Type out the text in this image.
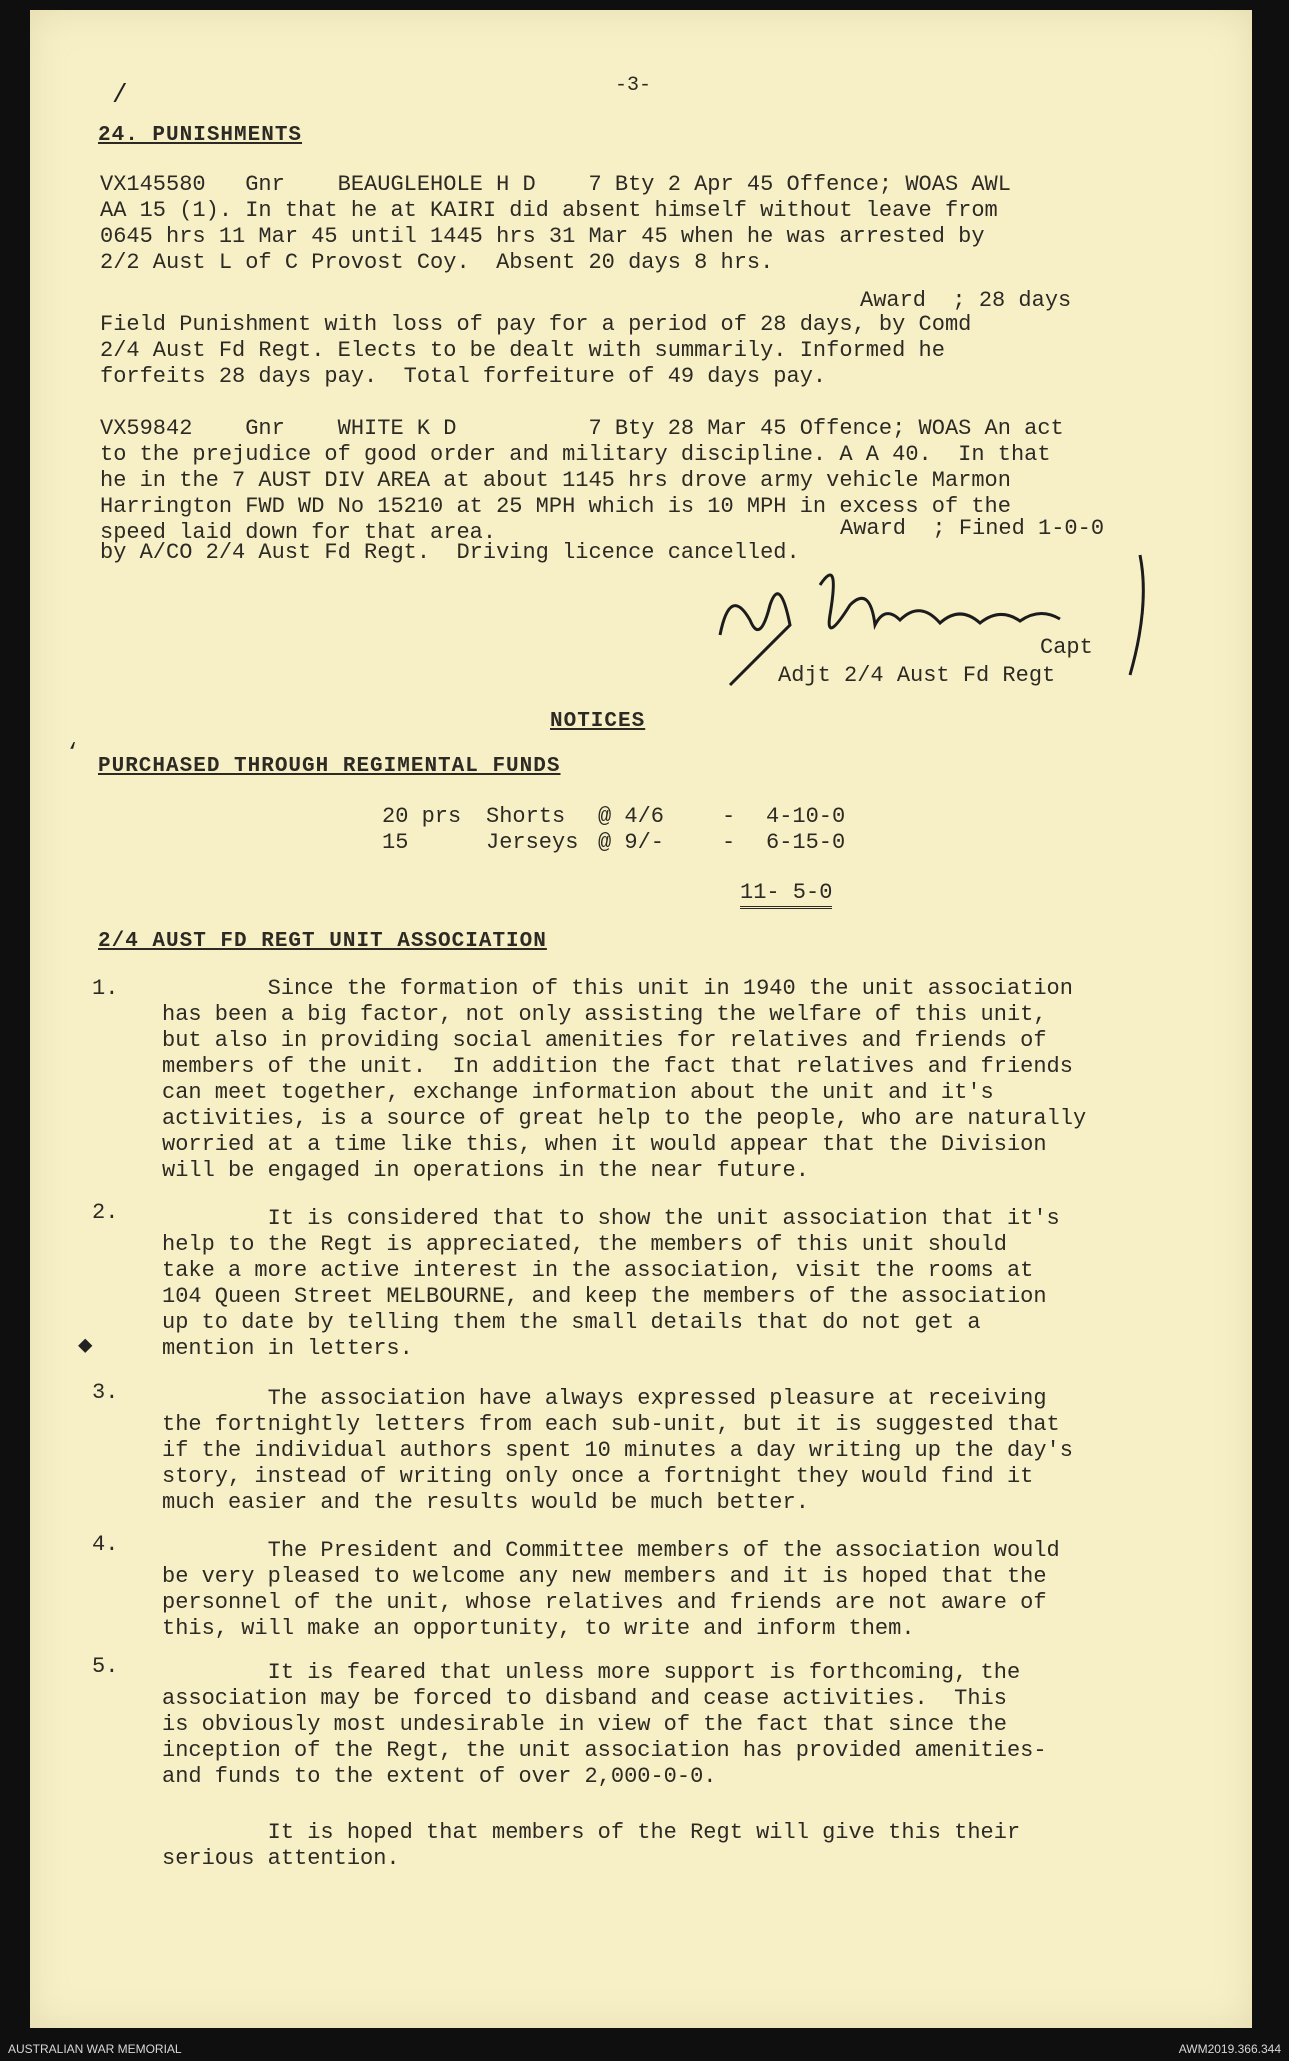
-3-
/
‘
◆
24. PUNISHMENTS
VX145580   Gnr    BEAUGLEHOLE H D    7 Bty 2 Apr 45 Offence; WOAS AWL
AA 15 (1). In that he at KAIRI did absent himself without leave from
0645 hrs 11 Mar 45 until 1445 hrs 31 Mar 45 when he was arrested by
2/2 Aust L of C Provost Coy.  Absent 20 days 8 hrs.
Award  ; 28 days
Field Punishment with loss of pay for a period of 28 days, by Comd
2/4 Aust Fd Regt. Elects to be dealt with summarily. Informed he
forfeits 28 days pay.  Total forfeiture of 49 days pay.
VX59842    Gnr    WHITE K D          7 Bty 28 Mar 45 Offence; WOAS An act
to the prejudice of good order and military discipline. A A 40.  In that
he in the 7 AUST DIV AREA at about 1145 hrs drove army vehicle Marmon
Harrington FWD WD No 15210 at 25 MPH which is 10 MPH in excess of the
speed laid down for that area.	Award  ; Fined 1-0-0
by A/CO 2/4 Aust Fd Regt.  Driving licence cancelled.
Capt
Adjt 2/4 Aust Fd Regt
NOTICES
PURCHASED THROUGH REGIMENTAL FUNDS
20 prs	Shorts	@ 4/6	-	4-10-0
15	Jerseys @ 9/-	-	6-15-0
11- 5-0
2/4 AUST FD REGT UNIT ASSOCIATION
1. Since the formation of this unit in 1940 the unit association
has been a big factor, not only assisting the welfare of this unit,
but also in providing social amenities for relatives and friends of
members of the unit.  In addition the fact that relatives and friends
can meet together, exchange information about the unit and it's
activities, is a source of great help to the people, who are naturally
worried at a time like this, when it would appear that the Division
will be engaged in operations in the near future.
2. It is considered that to show the unit association that it's
help to the Regt is appreciated, the members of this unit should
take a more active interest in the association, visit the rooms at
104 Queen Street MELBOURNE, and keep the members of the association
up to date by telling them the small details that do not get a
mention in letters.
3. The association have always expressed pleasure at receiving
the fortnightly letters from each sub-unit, but it is suggested that
if the individual authors spent 10 minutes a day writing up the day's
story, instead of writing only once a fortnight they would find it
much easier and the results would be much better.
4. The President and Committee members of the association would
be very pleased to welcome any new members and it is hoped that the
personnel of the unit, whose relatives and friends are not aware of
this, will make an opportunity, to write and inform them.
5. It is feared that unless more support is forthcoming, the
association may be forced to disband and cease activities.  This
is obviously most undesirable in view of the fact that since the
inception of the Regt, the unit association has provided amenities-
and funds to the extent of over 2,000-0-0.
It is hoped that members of the Regt will give this their
serious attention.
AUSTRALIAN WAR MEMORIAL	AWM2019.366.344
